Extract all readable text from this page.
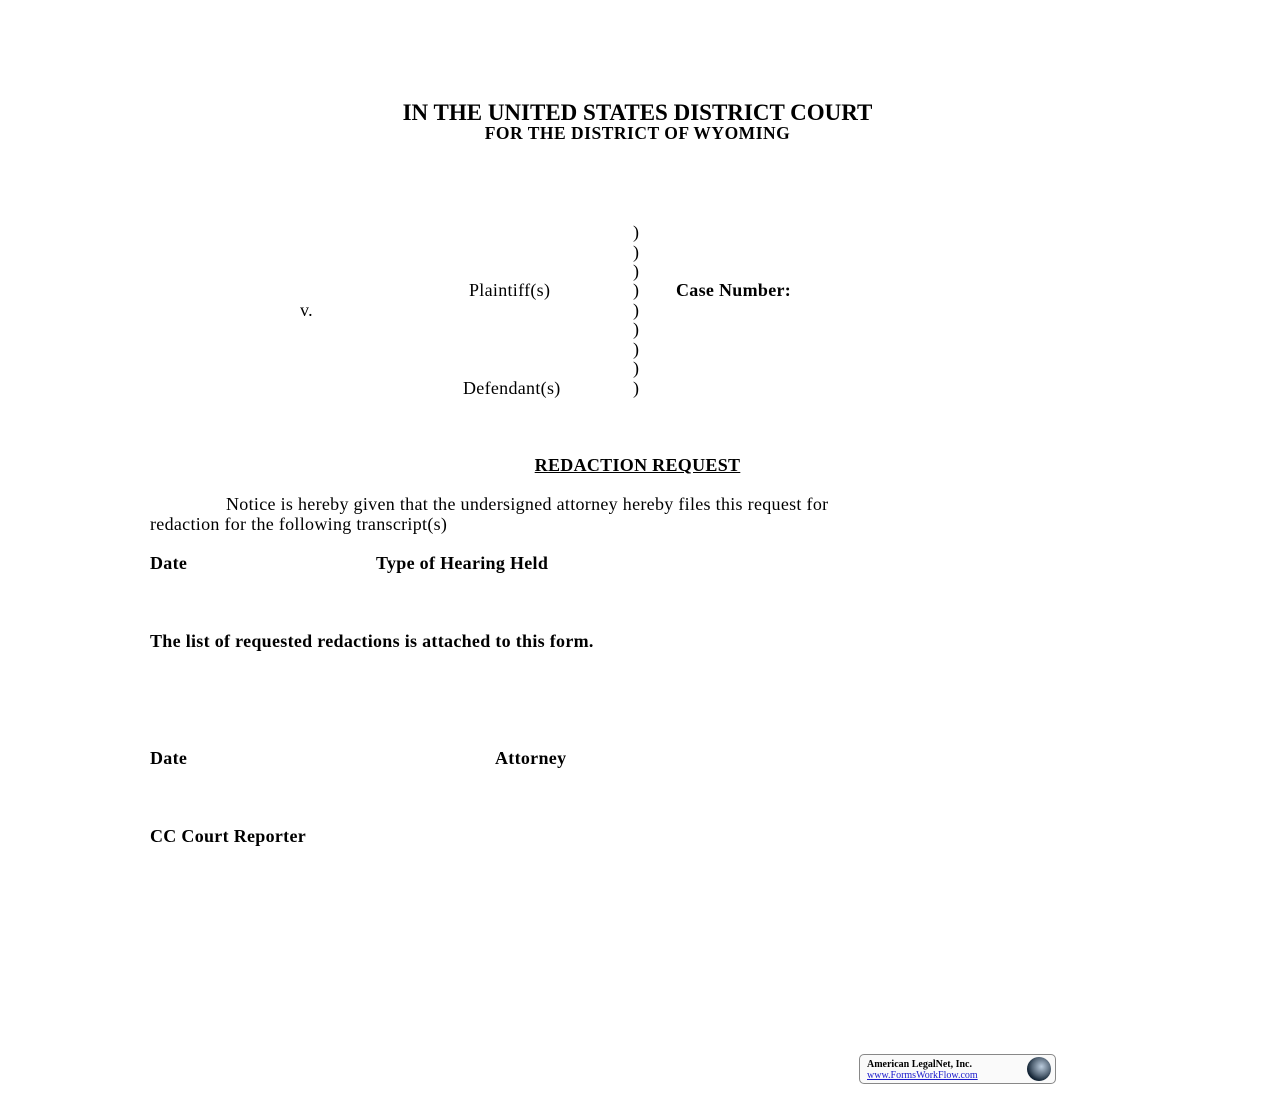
IN THE UNITED STATES DISTRICT COURT
FOR THE DISTRICT OF WYOMING
)
)
)
)
)
)
)
)
)
Plaintiff(s)	Case Number:
v.
Defendant(s)
REDACTION REQUEST
Notice is hereby given that the undersigned attorney hereby files this request for
redaction for the following transcript(s)
Date	Type of Hearing Held
The list of requested redactions is attached to this form.
Date	Attorney
CC Court Reporter
American LegalNet, Inc.
www.FormsWorkFlow.com
